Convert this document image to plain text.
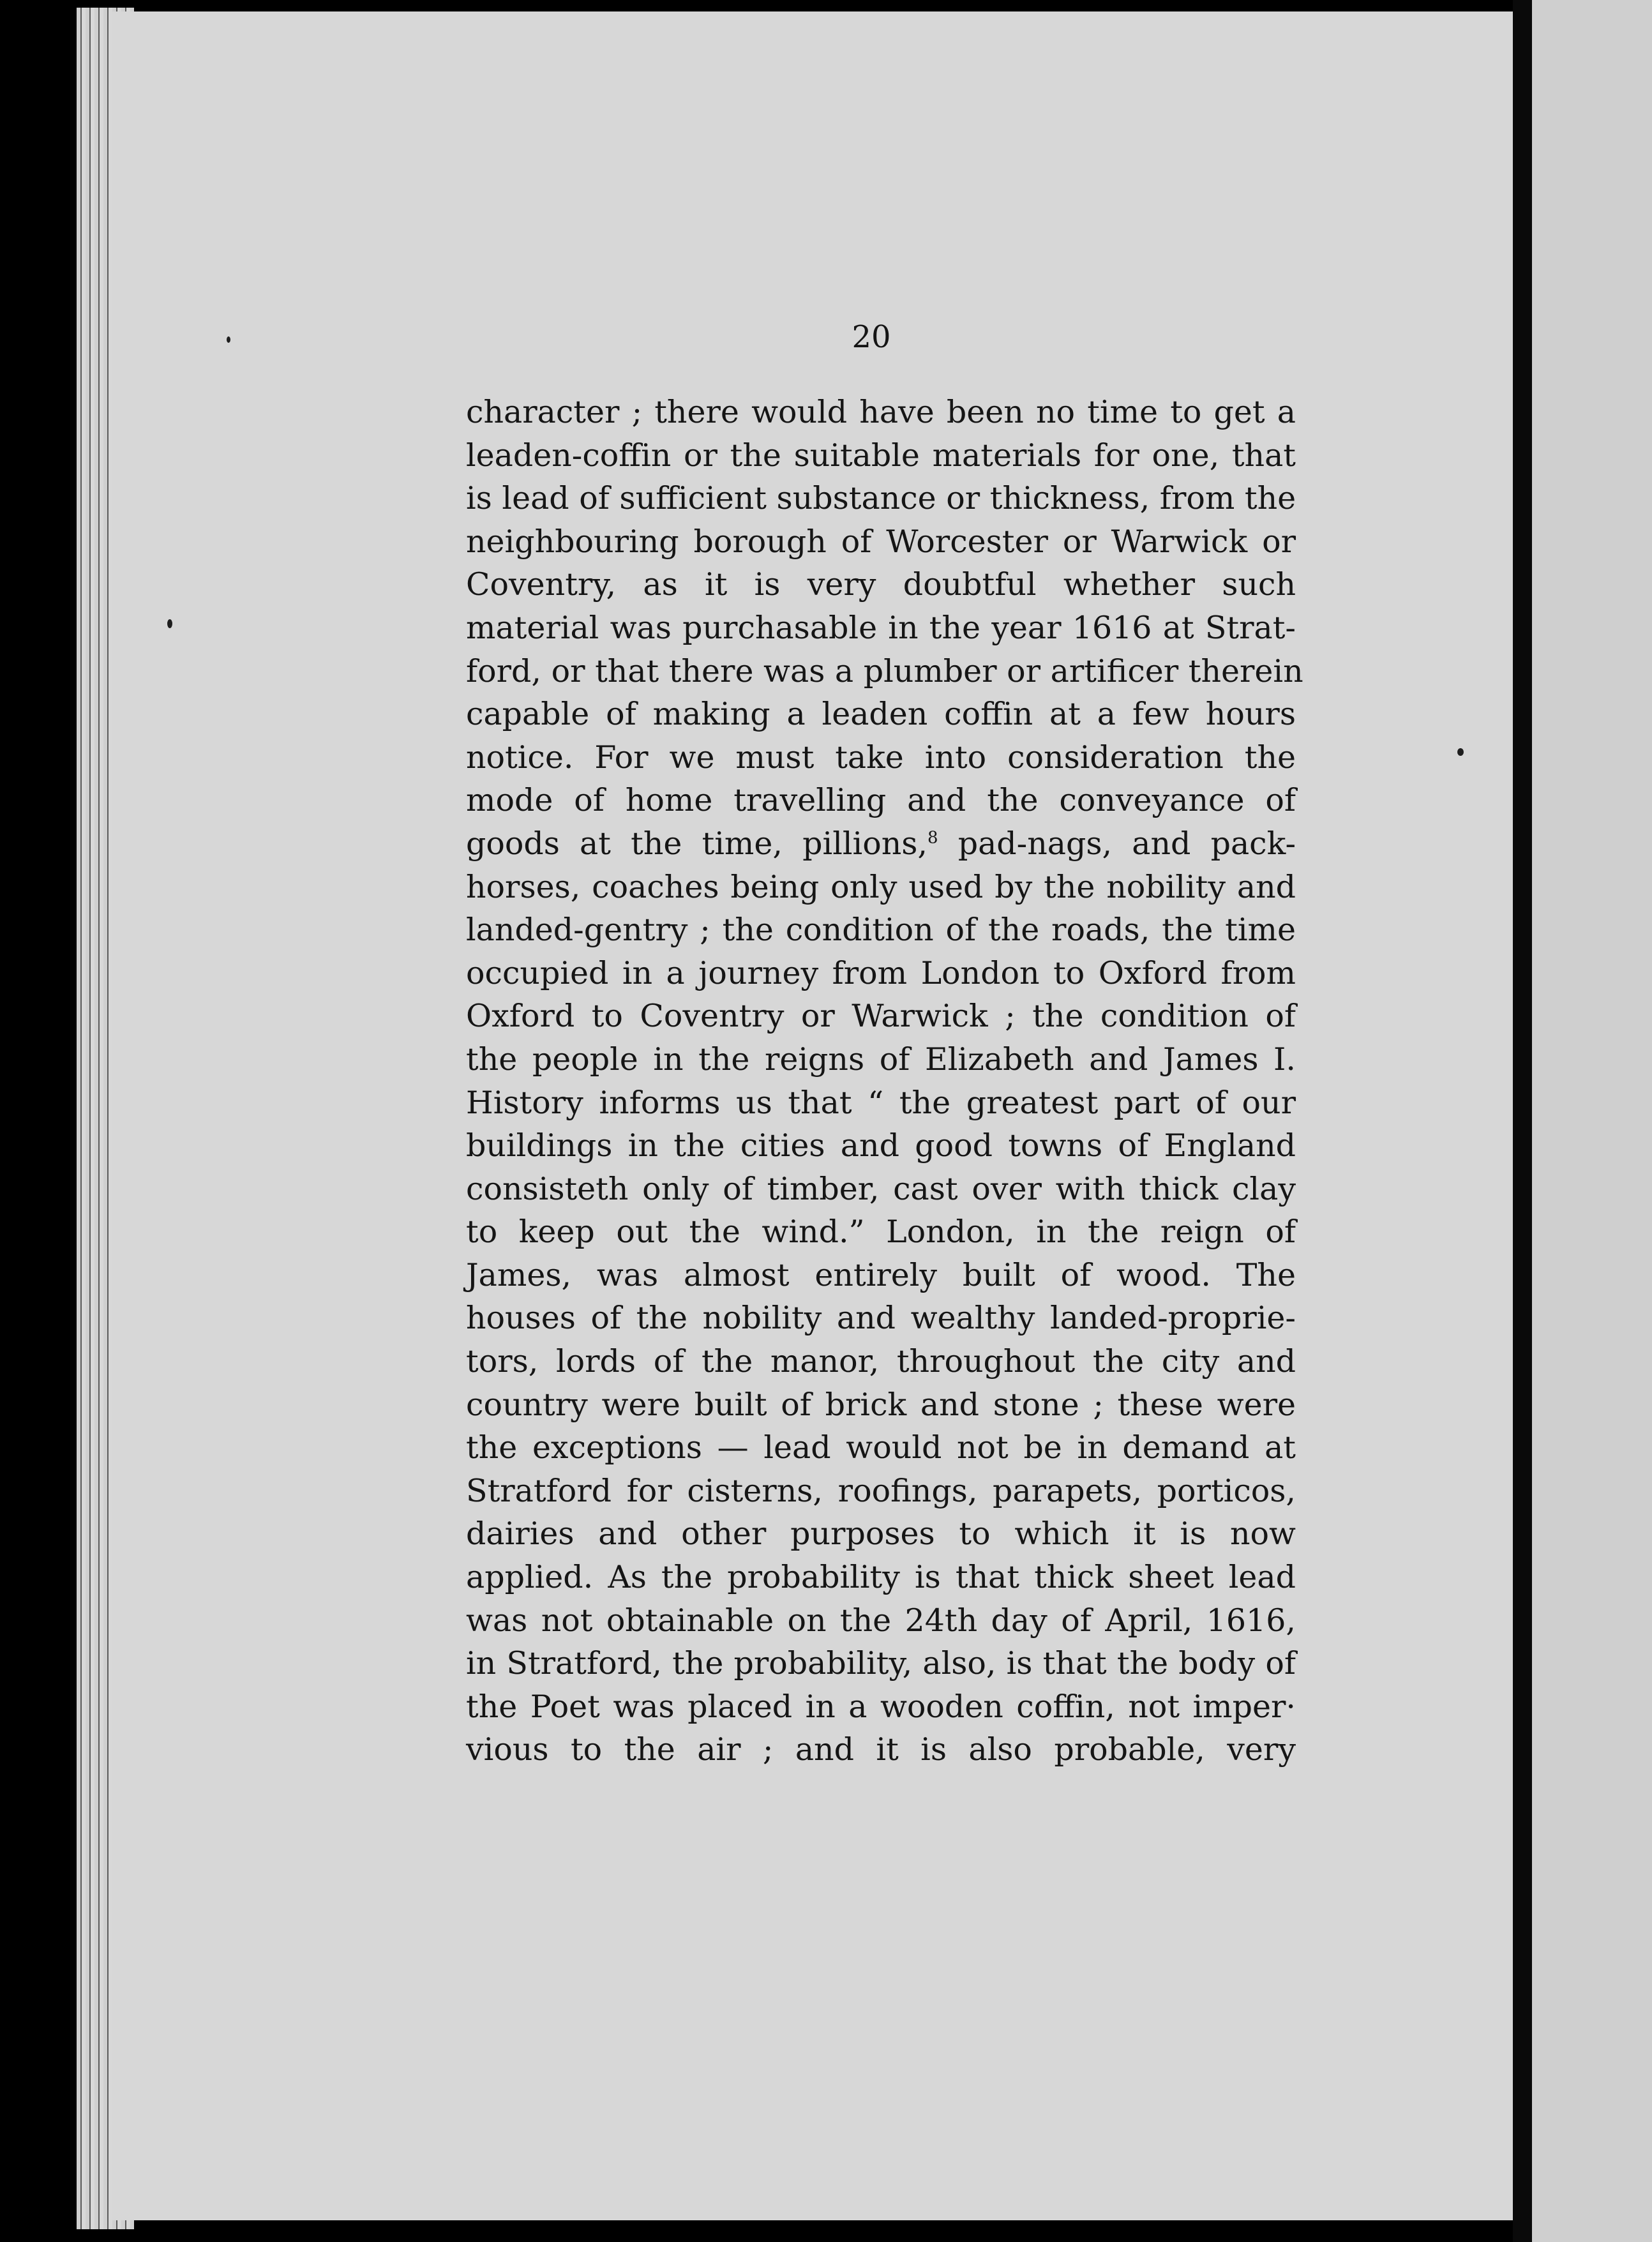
20
character ; there would have been no time to get a
leaden-coffin or the suitable materials for one, that
is lead of sufficient substance or thickness, from the
neighbouring borough of Worcester or Warwick or
Coventry, as it is very doubtful whether such
material was purchasable in the year 1616 at Strat-
ford, or that there was a plumber or artificer therein
capable of making a leaden coffin at a few hours
notice. For we must take into consideration the
mode of home travelling and the conveyance of
goods at the time, pillions,$^8$ pad-nags, and pack-
horses, coaches being only used by the nobility and
landed-gentry ; the condition of the roads, the time
occupied in a journey from London to Oxford from
Oxford to Coventry or Warwick ; the condition of
the people in the reigns of Elizabeth and James I.
History informs us that “ the greatest part of our
buildings in the cities and good towns of England
consisteth only of timber, cast over with thick clay
to keep out the wind.” London, in the reign of
James, was almost entirely built of wood. The
houses of the nobility and wealthy landed-proprie-
tors, lords of the manor, throughout the city and
country were built of brick and stone ; these were
the exceptions — lead would not be in demand at
Stratford for cisterns, roofings, parapets, porticos,
dairies and other purposes to which it is now
applied. As the probability is that thick sheet lead
was not obtainable on the 24th day of April, 1616,
in Stratford, the probability, also, is that the body of
the Poet was placed in a wooden coffin, not imper·
vious to the air ; and it is also probable, very
